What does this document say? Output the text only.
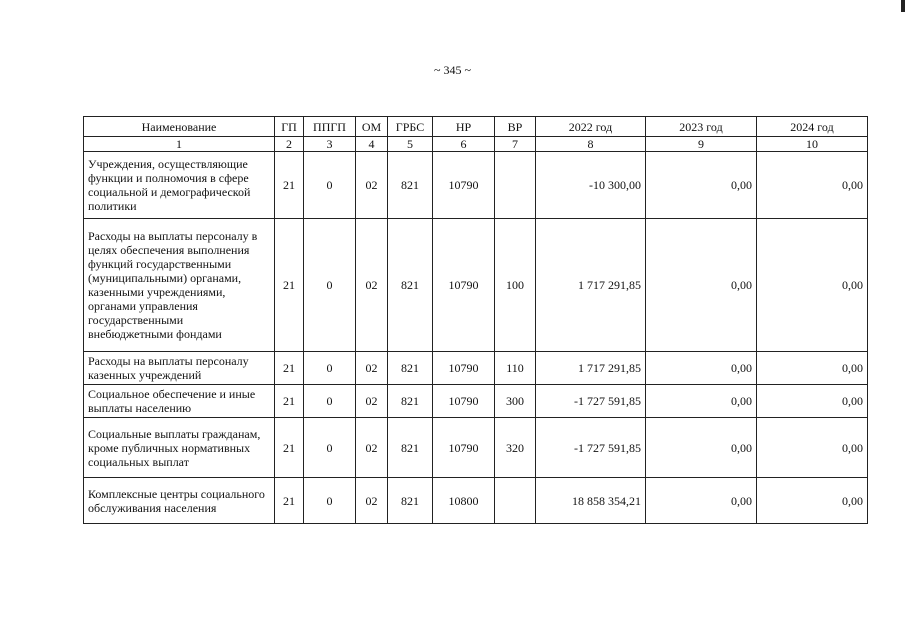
~ 345 ~
Наименование	ГП	ППГП	ОМ	ГРБС	НР	ВР	2022 год	2023 год	2024 год
1	2	3	4	5	6	7	8	9	10
Учреждения, осуществляющие функции и полномочия в сфере социальной и демографической политики	21	0	02	821	10790		-10 300,00	0,00	0,00
Расходы на выплаты персоналу в целях обеспечения выполнения функций государственными (муниципальными) органами, казенными учреждениями, органами управления государственными внебюджетными фондами	21	0	02	821	10790	100	1 717 291,85	0,00	0,00
Расходы на выплаты персоналу казенных учреждений	21	0	02	821	10790	110	1 717 291,85	0,00	0,00
Социальное обеспечение и иные выплаты населению	21	0	02	821	10790	300	-1 727 591,85	0,00	0,00
Социальные выплаты гражданам, кроме публичных нормативных социальных выплат	21	0	02	821	10790	320	-1 727 591,85	0,00	0,00
Комплексные центры социального обслуживания населения	21	0	02	821	10800		18 858 354,21	0,00	0,00
